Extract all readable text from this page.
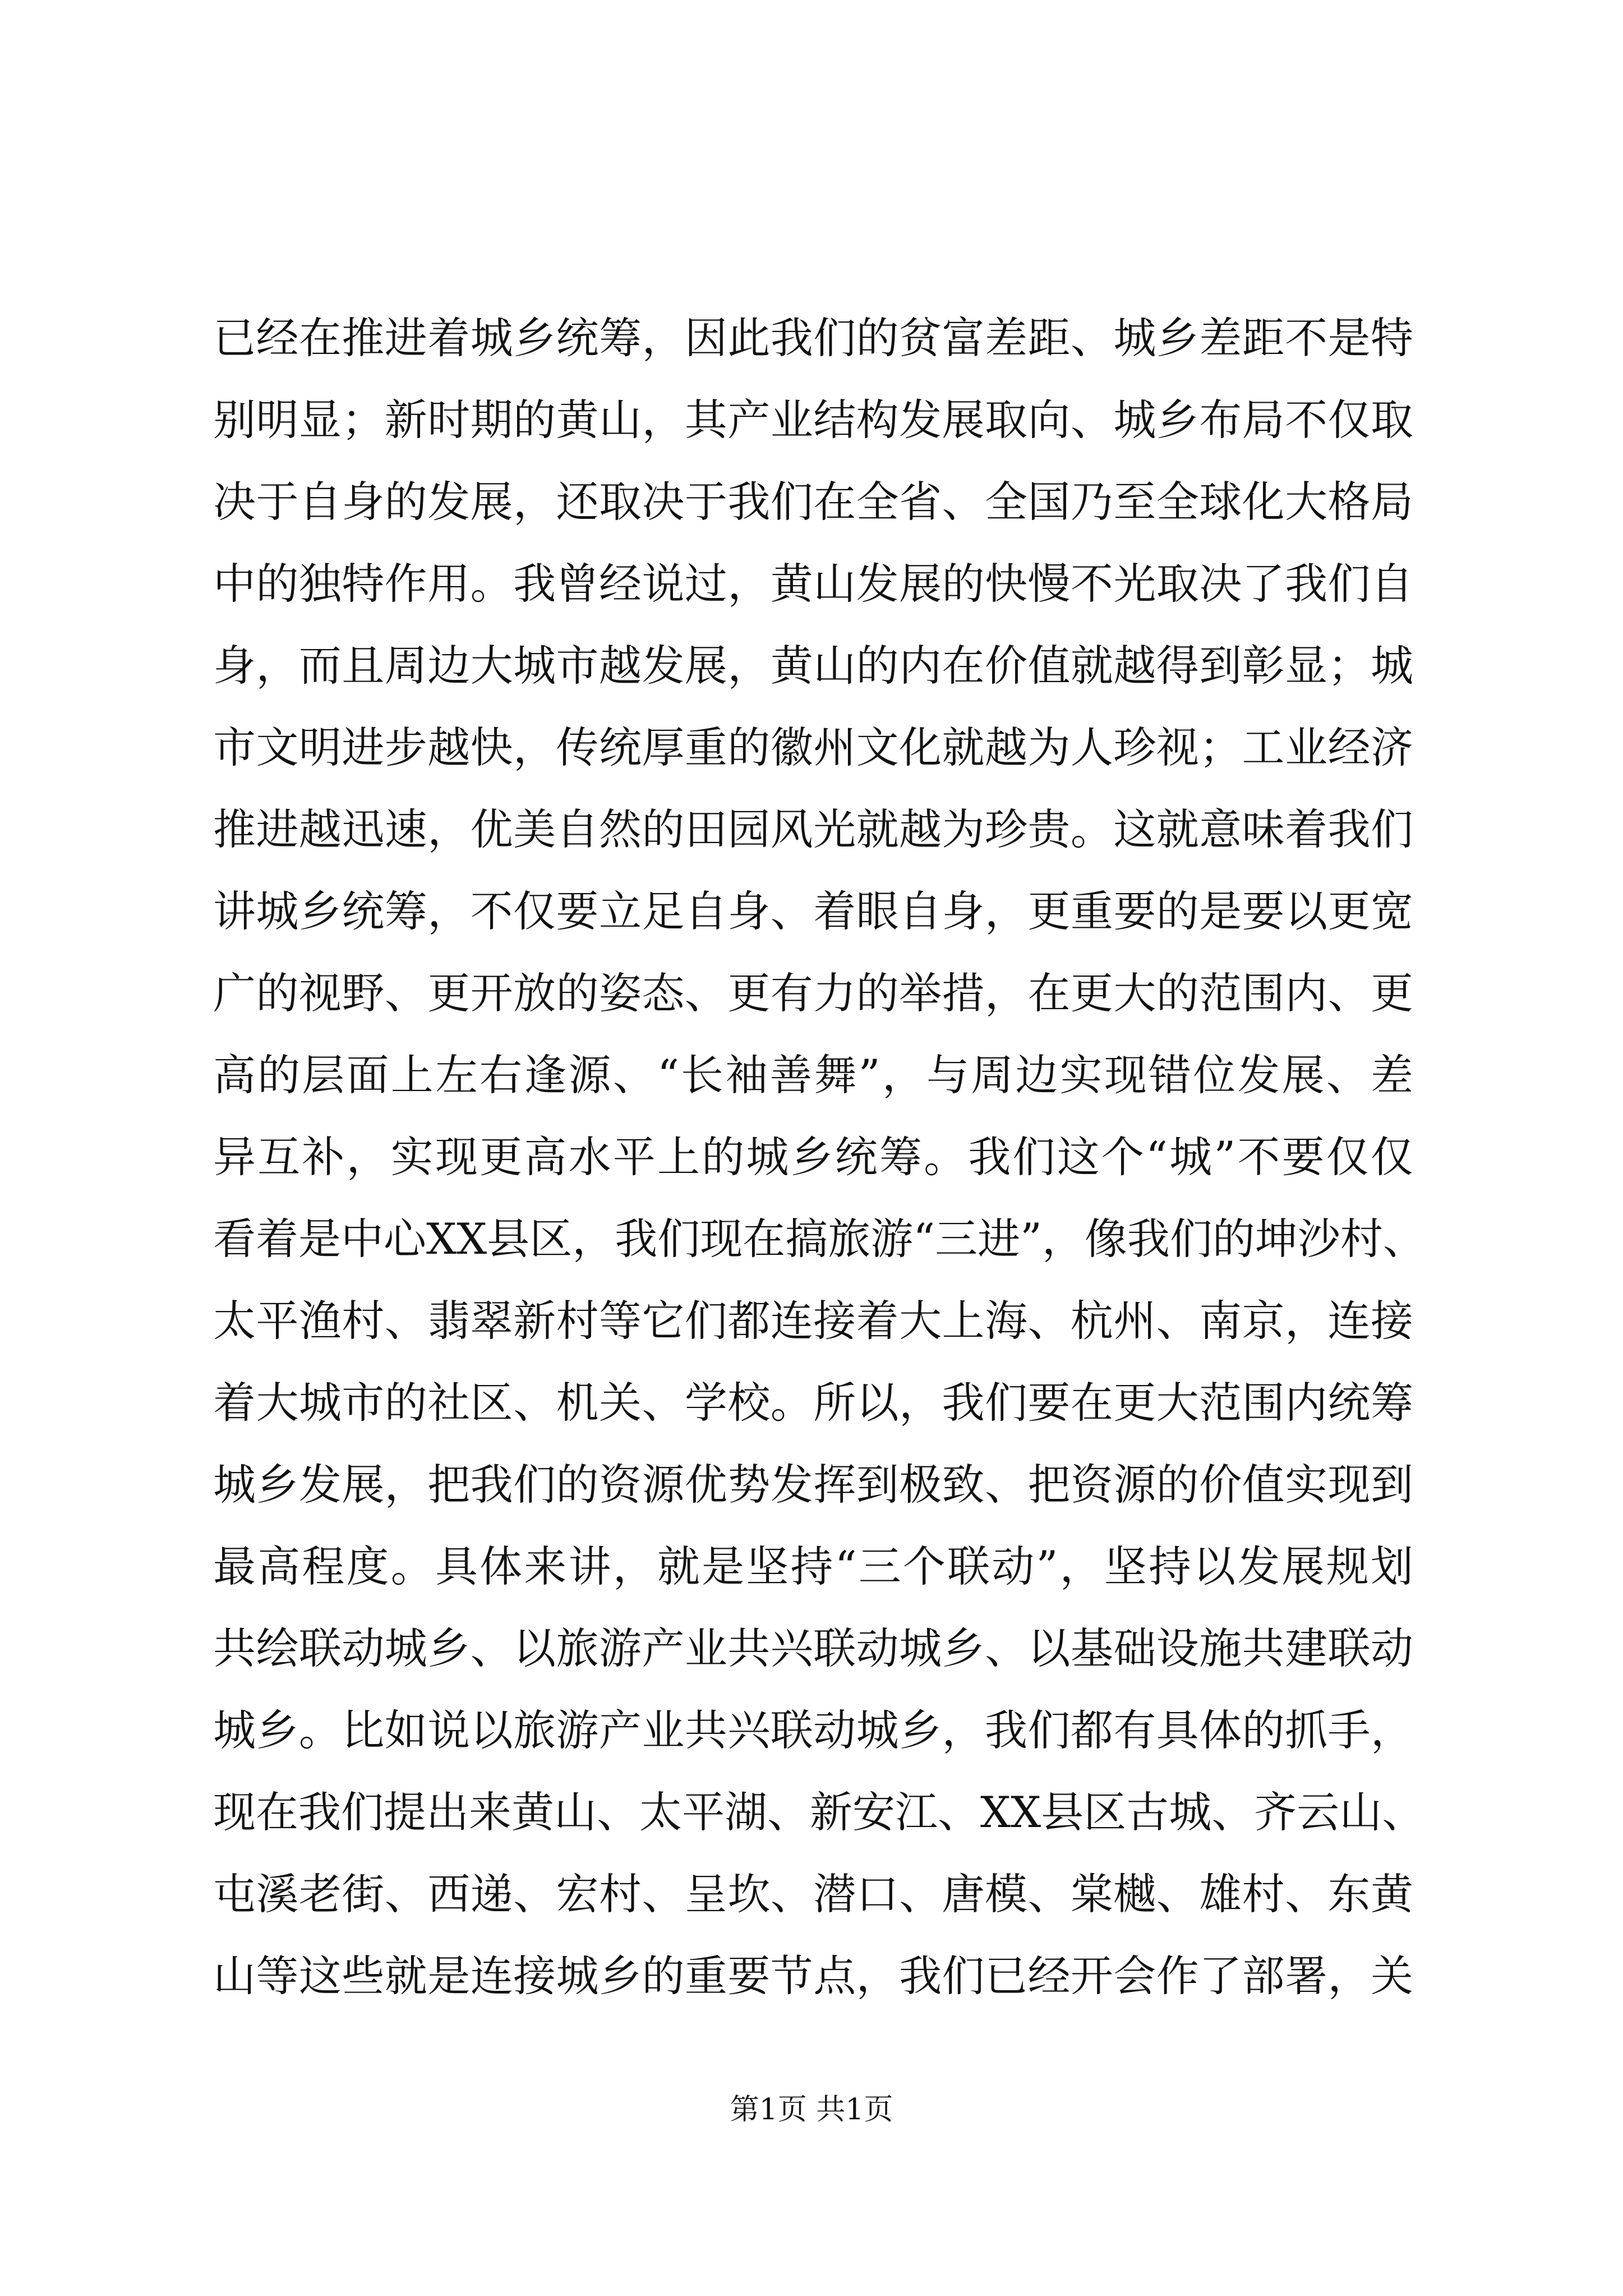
已经在推进着城乡统筹，因此我们的贫富差距、城乡差距不是特
别明显；新时期的黄山，其产业结构发展取向、城乡布局不仅取
决于自身的发展，还取决于我们在全省、全国乃至全球化大格局
中的独特作用。我曾经说过，黄山发展的快慢不光取决了我们自
身，而且周边大城市越发展，黄山的内在价值就越得到彰显；城
市文明进步越快，传统厚重的徽州文化就越为人珍视；工业经济
推进越迅速，优美自然的田园风光就越为珍贵。这就意味着我们
讲城乡统筹，不仅要立足自身、着眼自身，更重要的是要以更宽
广的视野、更开放的姿态、更有力的举措，在更大的范围内、更
高的层面上左右逢源、“长袖善舞”，与周边实现错位发展、差
异互补，实现更高水平上的城乡统筹。我们这个“城”不要仅仅
看着是中心XX县区，我们现在搞旅游“三进”，像我们的坤沙村、
太平渔村、翡翠新村等它们都连接着大上海、杭州、南京，连接
着大城市的社区、机关、学校。所以，我们要在更大范围内统筹
城乡发展，把我们的资源优势发挥到极致、把资源的价值实现到
最高程度。具体来讲，就是坚持“三个联动”，坚持以发展规划
共绘联动城乡、以旅游产业共兴联动城乡、以基础设施共建联动
城乡。比如说以旅游产业共兴联动城乡，我们都有具体的抓手，
现在我们提出来黄山、太平湖、新安江、XX县区古城、齐云山、
屯溪老街、西递、宏村、呈坎、潜口、唐模、棠樾、雄村、东黄
山等这些就是连接城乡的重要节点，我们已经开会作了部署，关
第1页 共1页
